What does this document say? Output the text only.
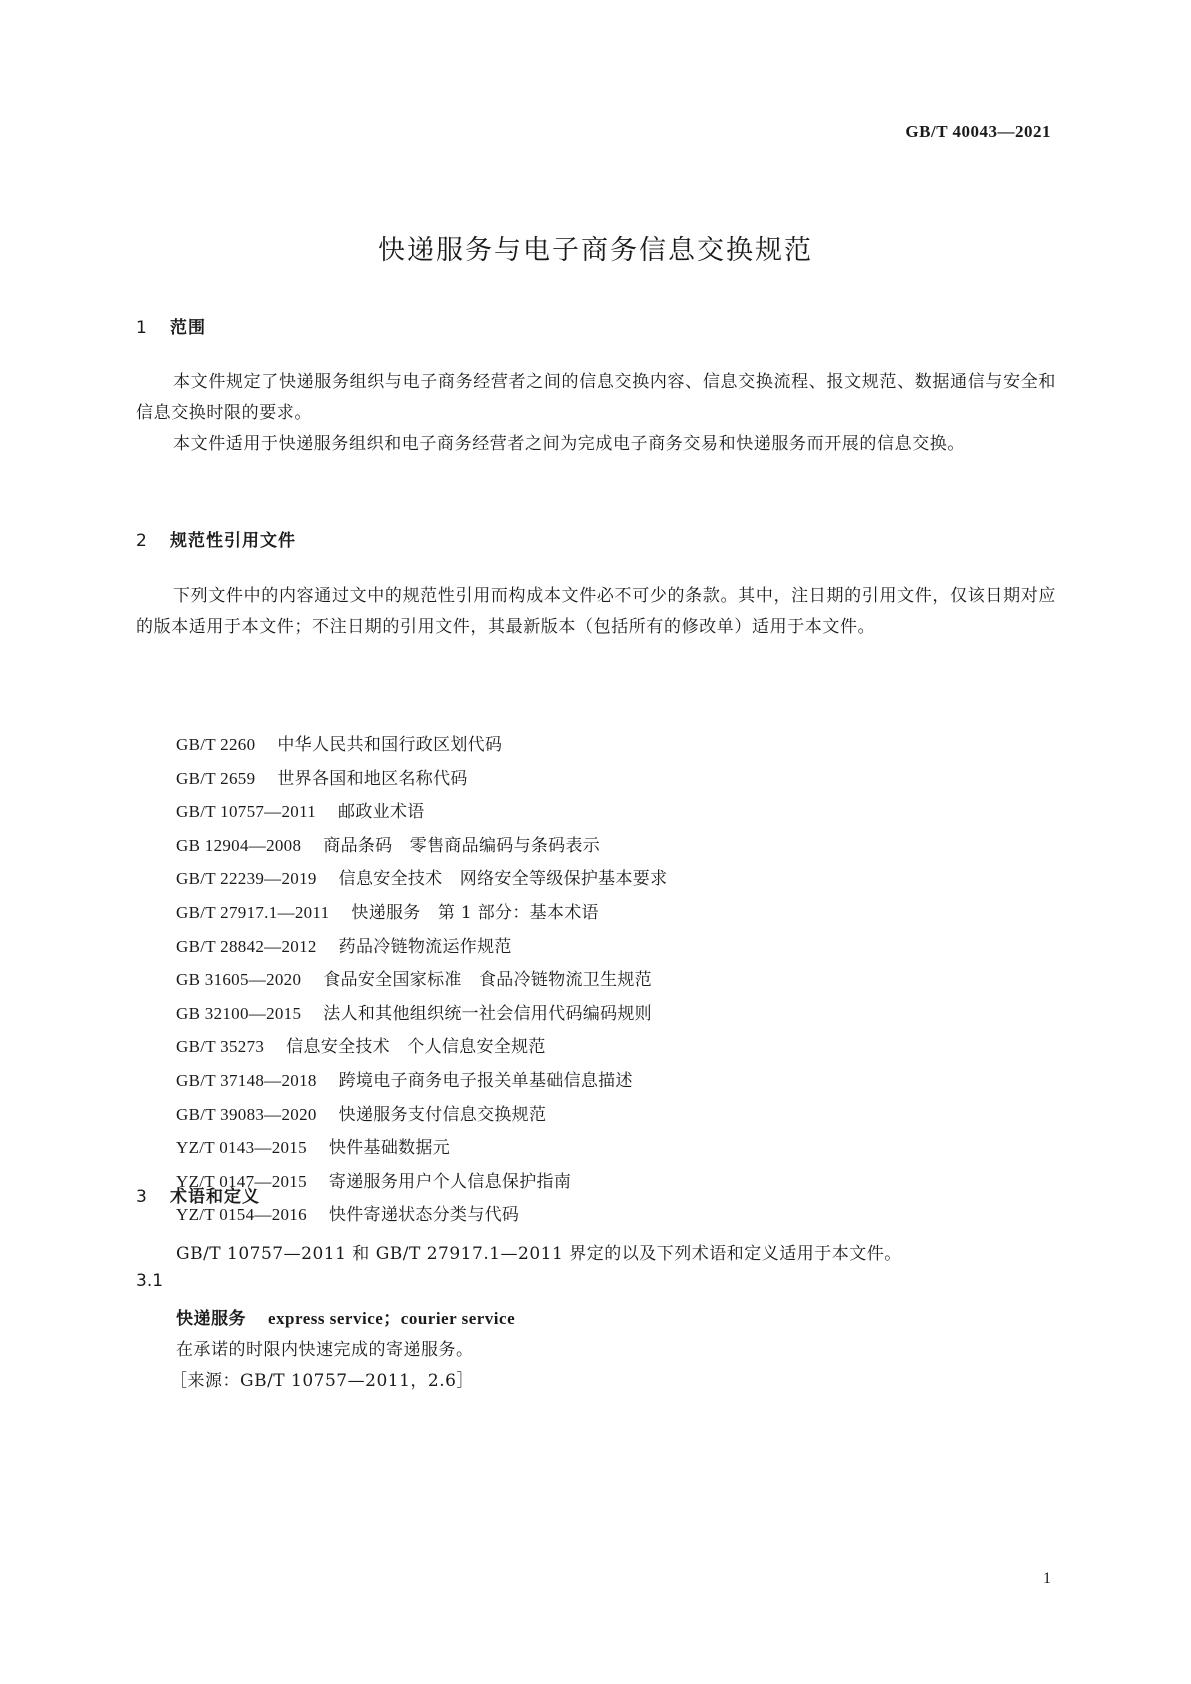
GB/T 40043—2021
快递服务与电子商务信息交换规范
1 范围
本文件规定了快递服务组织与电子商务经营者之间的信息交换内容、信息交换流程、报文规范、数据通信与安全和信息交换时限的要求。
本文件适用于快递服务组织和电子商务经营者之间为完成电子商务交易和快递服务而开展的信息交换。
2 规范性引用文件
下列文件中的内容通过文中的规范性引用而构成本文件必不可少的条款。其中，注日期的引用文件，仅该日期对应的版本适用于本文件；不注日期的引用文件，其最新版本（包括所有的修改单）适用于本文件。
GB/T 2260 中华人民共和国行政区划代码
GB/T 2659 世界各国和地区名称代码
GB/T 10757—2011 邮政业术语
GB 12904—2008 商品条码　零售商品编码与条码表示
GB/T 22239—2019 信息安全技术　网络安全等级保护基本要求
GB/T 27917.1—2011 快递服务　第 1 部分：基本术语
GB/T 28842—2012 药品冷链物流运作规范
GB 31605—2020 食品安全国家标准　食品冷链物流卫生规范
GB 32100—2015 法人和其他组织统一社会信用代码编码规则
GB/T 35273 信息安全技术　个人信息安全规范
GB/T 37148—2018 跨境电子商务电子报关单基础信息描述
GB/T 39083—2020 快递服务支付信息交换规范
YZ/T 0143—2015 快件基础数据元
YZ/T 0147—2015 寄递服务用户个人信息保护指南
YZ/T 0154—2016 快件寄递状态分类与代码
3 术语和定义
GB/T 10757—2011 和 GB/T 27917.1—2011 界定的以及下列术语和定义适用于本文件。
3.1
快递服务 express service；courier service
在承诺的时限内快速完成的寄递服务。
［来源：GB/T 10757—2011，2.6］
1
